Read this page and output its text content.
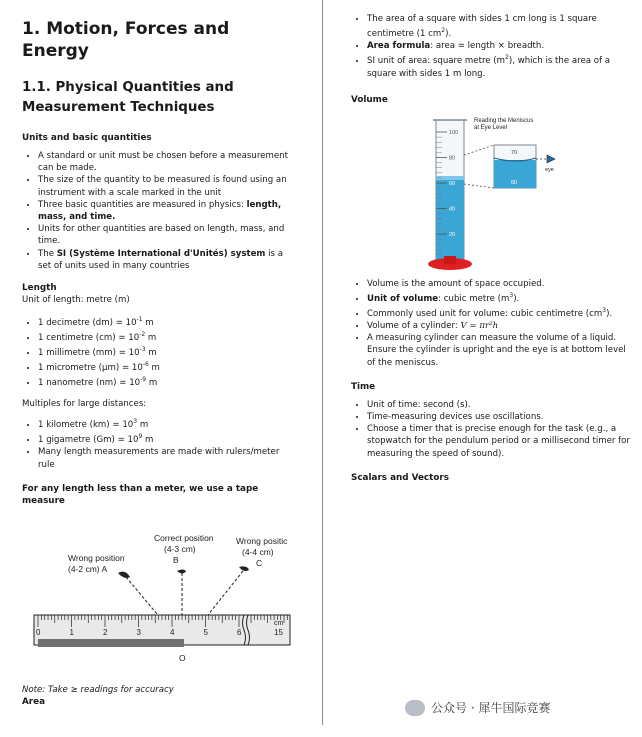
1. Motion, Forces and Energy
1.1. Physical Quantities and Measurement Techniques
Units and basic quantities
• A standard or unit must be chosen before a measurement can be made.
• The size of the quantity to be measured is found using an instrument with a scale marked in the unit
• Three basic quantities are measured in physics: length, mass, and time.
• Units for other quantities are based on length, mass, and time.
• The SI (Système International d'Unités) system is a set of units used in many countries
Length

Unit of length: metre (m)

• 1 decimetre $(dm) = 10^{-1}$ m
• 1 centimetre $(cm) = 10^{-2}$ m
• 1 millimetre $(mm) = 10^{-3}$ m
• 1 micrometre $(\mu m) = 10^{-6}$ m
• 1 nanometre $(nm) = 10^{-9}$ m

Multiples for large distances:

• 1 kilometre $(km) = 10^3$ m
• 1 gigametre $(Gm) = 10^9$ m
• Many length measurements are made with rulers/meter rule
For any length less than a meter, we use a tape measure
Correct position
(4-3 cm)
B
Wrong position
(4-2 cm) A
Wrong positic
(4-4 cm)
C
cm
0	1	2	3	4	5	6	15
O

Note: Take ≥ readings for accuracy

Area
• The area of a square with sides 1 cm long is 1 square centimetre (1 $cm^2$).
• Area formula: area = length × breadth.
• SI unit of area: square metre $(m^2)$, which is the area of a square with sides 1 m long.
Volume
Reading the Meniscus
at Eye Level
100
80
60
40
20
70
60
eye
• Volume is the amount of space occupied.
• Unit of volume: cubic metre $(m^3)$.
• Commonly used unit for volume: cubic centimetre $(cm^3)$.
• Volume of a cylinder: V = πr²h
• A measuring cylinder can measure the volume of a liquid. Ensure the cylinder is upright and the eye is at bottom level of the meniscus.
Time
• Unit of time: second (s).
• Time-measuring devices use oscillations.
• Choose a timer that is precise enough for the task (e.g., a stopwatch for the pendulum period or a millisecond timer for measuring the speed of sound).
Scalars and Vectors
公众号 · 犀牛国际竞赛
